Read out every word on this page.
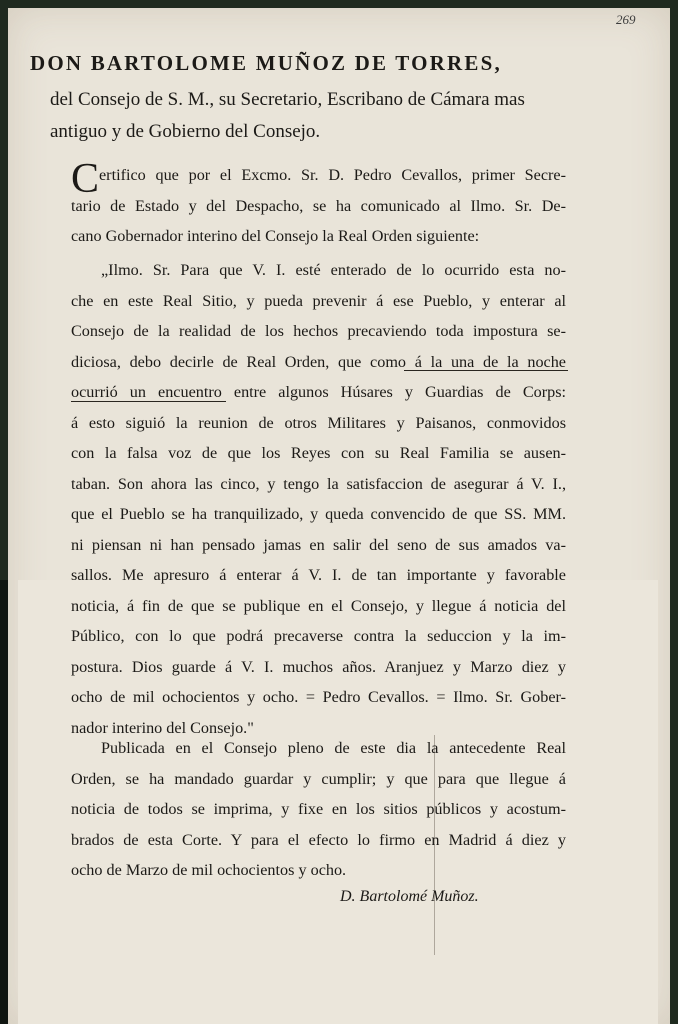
269
DON BARTOLOME MUÑOZ DE TORRES,
del Consejo de S. M., su Secretario, Escribano de Cámara mas
antiguo y de Gobierno del Consejo.
C ertifico que por el Excmo. Sr. D. Pedro Cevallos, primer Secre-
tario de Estado y del Despacho, se ha comunicado al Ilmo. Sr. De-
cano Gobernador interino del Consejo la Real Orden siguiente:
„Ilmo. Sr. Para que V. I. esté enterado de lo ocurrido esta no-
che en este Real Sitio, y pueda prevenir á ese Pueblo, y enterar al
Consejo de la realidad de los hechos precaviendo toda impostura se-
diciosa, debo decirle de Real Orden, que como á la una de la noche
ocurrió un encuentro entre algunos Húsares y Guardias de Corps:
á esto siguió la reunion de otros Militares y Paisanos, conmovidos
con la falsa voz de que los Reyes con su Real Familia se ausen-
taban. Son ahora las cinco, y tengo la satisfaccion de asegurar á V. I.,
que el Pueblo se ha tranquilizado, y queda convencido de que SS. MM.
ni piensan ni han pensado jamas en salir del seno de sus amados va-
sallos. Me apresuro á enterar á V. I. de tan importante y favorable
noticia, á fin de que se publique en el Consejo, y llegue á noticia del
Público, con lo que podrá precaverse contra la seduccion y la im-
postura. Dios guarde á V. I. muchos años. Aranjuez y Marzo diez y
ocho de mil ochocientos y ocho. = Pedro Cevallos. = Ilmo. Sr. Gober-
nador interino del Consejo."
Publicada en el Consejo pleno de este dia la antecedente Real
Orden, se ha mandado guardar y cumplir; y que para que llegue á
noticia de todos se imprima, y fixe en los sitios públicos y acostum-
brados de esta Corte. Y para el efecto lo firmo en Madrid á diez y
ocho de Marzo de mil ochocientos y ocho.
D. Bartolomé Muñoz.
